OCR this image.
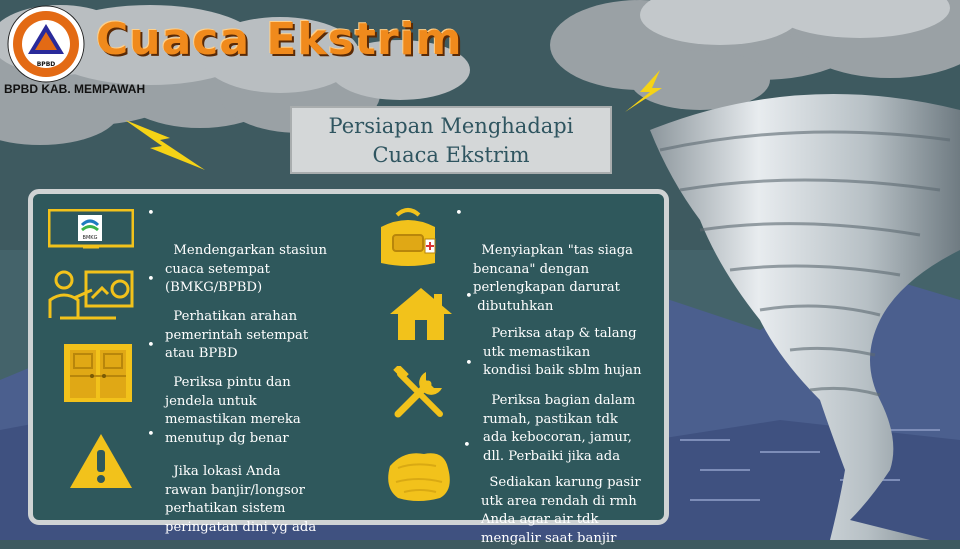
BPBD Cuaca Ekstrim
BPBD KAB. MEMPAWAH
Persiapan Menghadapi
Cuaca Ekstrim
BMKG

•

Mendengarkan stasiun
cuaca setempat
(BMKG/BPBD)

•

Perhatikan arahan
pemerintah setempat
atau BPBD

•

Periksa pintu dan
jendela untuk
memastikan mereka
menutup dg benar

•

Jika lokasi Anda
rawan banjir/longsor
perhatikan sistem
peringatan dini yg ada

•

Menyiapkan "tas siaga
bencana" dengan
perlengkapan darurat
dibutuhkan

•

Periksa atap & talang
utk memastikan
kondisi baik sblm hujan

•

Periksa bagian dalam
rumah, pastikan tdk
ada kebocoran, jamur,
dll. Perbaiki jika ada

•

Sediakan karung pasir
utk area rendah di rmh
Anda agar air tdk
mengalir saat banjir
